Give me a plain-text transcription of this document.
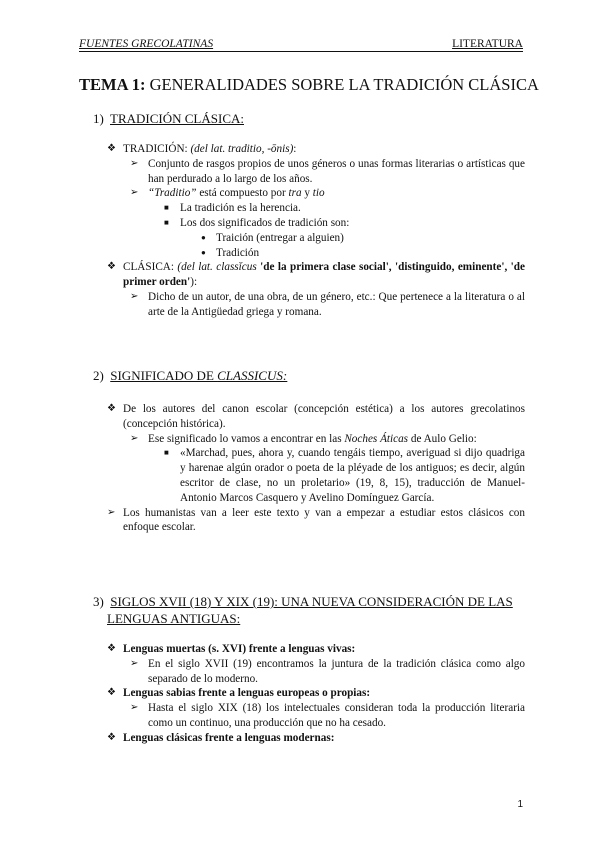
FUENTES GRECOLATINAS	LITERATURA
TEMA 1: GENERALIDADES SOBRE LA TRADICIÓN CLÁSICA
1) TRADICIÓN CLÁSICA:
❖ TRADICIÓN: (del lat. traditio, -ōnis):
➢ Conjunto de rasgos propios de unos géneros o unas formas literarias o artísticas que han perdurado a lo largo de los años.
➢ “Traditio” está compuesto por tra y tio
■ La tradición es la herencia.
■ Los dos significados de tradición son:
● Traición (entregar a alguien)
● Tradición
❖ CLÁSICA: (del lat. classĭcus 'de la primera clase social', 'distinguido, eminente', 'de primer orden'):
➢ Dicho de un autor, de una obra, de un género, etc.: Que pertenece a la literatura o al arte de la Antigüedad griega y romana.
2) SIGNIFICADO DE CLASSICUS:
❖ De los autores del canon escolar (concepción estética) a los autores grecolatinos (concepción histórica).
➢ Ese significado lo vamos a encontrar en las Noches Áticas de Aulo Gelio:
■ «Marchad, pues, ahora y, cuando tengáis tiempo, averiguad si dijo quadriga y harenae algún orador o poeta de la pléyade de los antiguos; es decir, algún escritor de clase, no un proletario» (19, 8, 15), traducción de Manuel-Antonio Marcos Casquero y Avelino Domínguez García.
➢ Los humanistas van a leer este texto y van a empezar a estudiar estos clásicos con enfoque escolar.
3) SIGLOS XVII (18) Y XIX (19): UNA NUEVA CONSIDERACIÓN DE LAS
LENGUAS ANTIGUAS:
❖ Lenguas muertas (s. XVI) frente a lenguas vivas:
➢ En el siglo XVII (19) encontramos la juntura de la tradición clásica como algo separado de lo moderno.
❖ Lenguas sabias frente a lenguas europeas o propias:
➢ Hasta el siglo XIX (18) los intelectuales consideran toda la producción literaria como un continuo, una producción que no ha cesado.
❖ Lenguas clásicas frente a lenguas modernas:
1
